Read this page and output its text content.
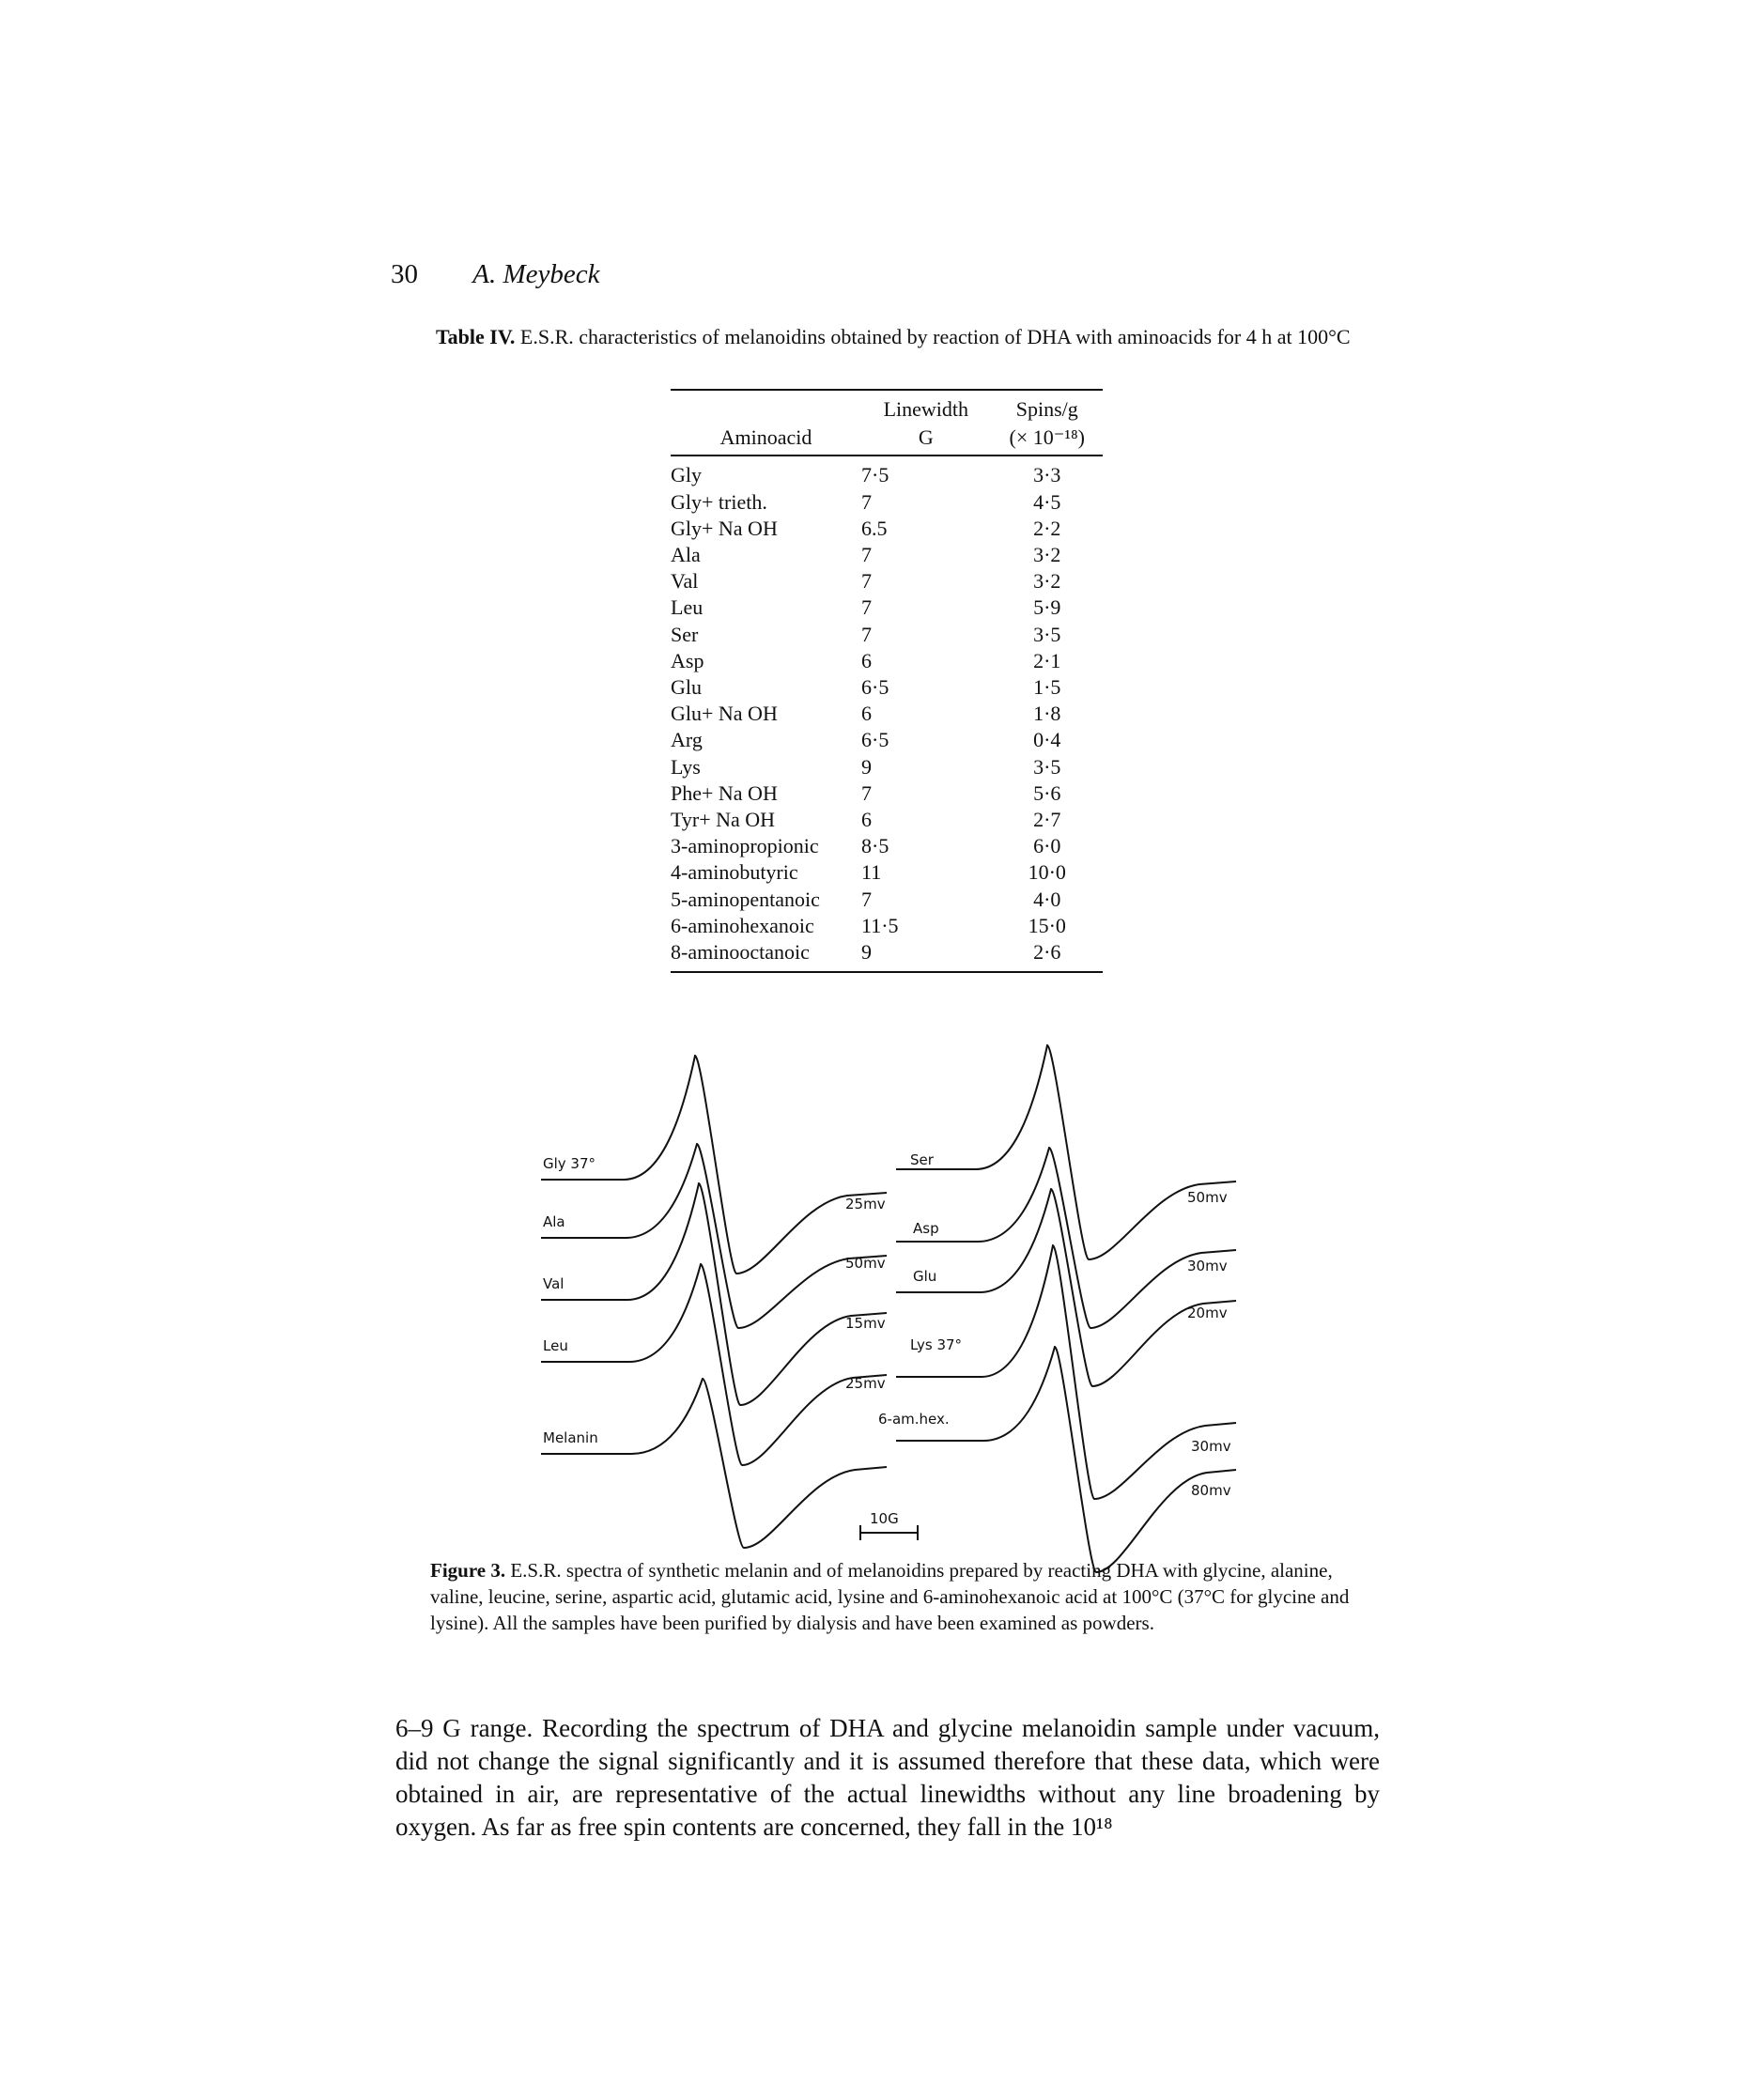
30 A. Meybeck
Table IV. E.S.R. characteristics of melanoidins obtained by reaction of DHA with aminoacids for 4 h at 100°C
	Linewidth	Spins/g
Aminoacid	G	(× 10⁻¹⁸)
Gly	7·5	3·3
Gly+ trieth.	7	4·5
Gly+ Na OH	6.5	2·2
Ala	7	3·2
Val	7	3·2
Leu	7	5·9
Ser	7	3·5
Asp	6	2·1
Glu	6·5	1·5
Glu+ Na OH	6	1·8
Arg	6·5	0·4
Lys	9	3·5
Phe+ Na OH	7	5·6
Tyr+ Na OH	6	2·7
3-aminopropionic	8·5	6·0
4-aminobutyric	11	10·0
5-aminopentanoic	7	4·0
6-aminohexanoic	11·5	15·0
8-aminooctanoic	9	2·6
Gly 37°
Ala
Val
Leu
Melanin
25mv
50mv
15mv
25mv
Ser
Asp
Glu
Lys 37°
6-am.hex.
50mv
30mv
20mv
30mv
80mv
10G
Figure 3. E.S.R. spectra of synthetic melanin and of melanoidins prepared by reacting DHA with glycine, alanine, valine, leucine, serine, aspartic acid, glutamic acid, lysine and 6-aminohexanoic acid at 100°C (37°C for glycine and lysine). All the samples have been purified by dialysis and have been examined as powders.
6–9 G range. Recording the spectrum of DHA and glycine melanoidin sample under vacuum, did not change the signal significantly and it is assumed therefore that these data, which were obtained in air, are representative of the actual linewidths without any line broadening by oxygen. As far as free spin contents are concerned, they fall in the 10¹⁸
